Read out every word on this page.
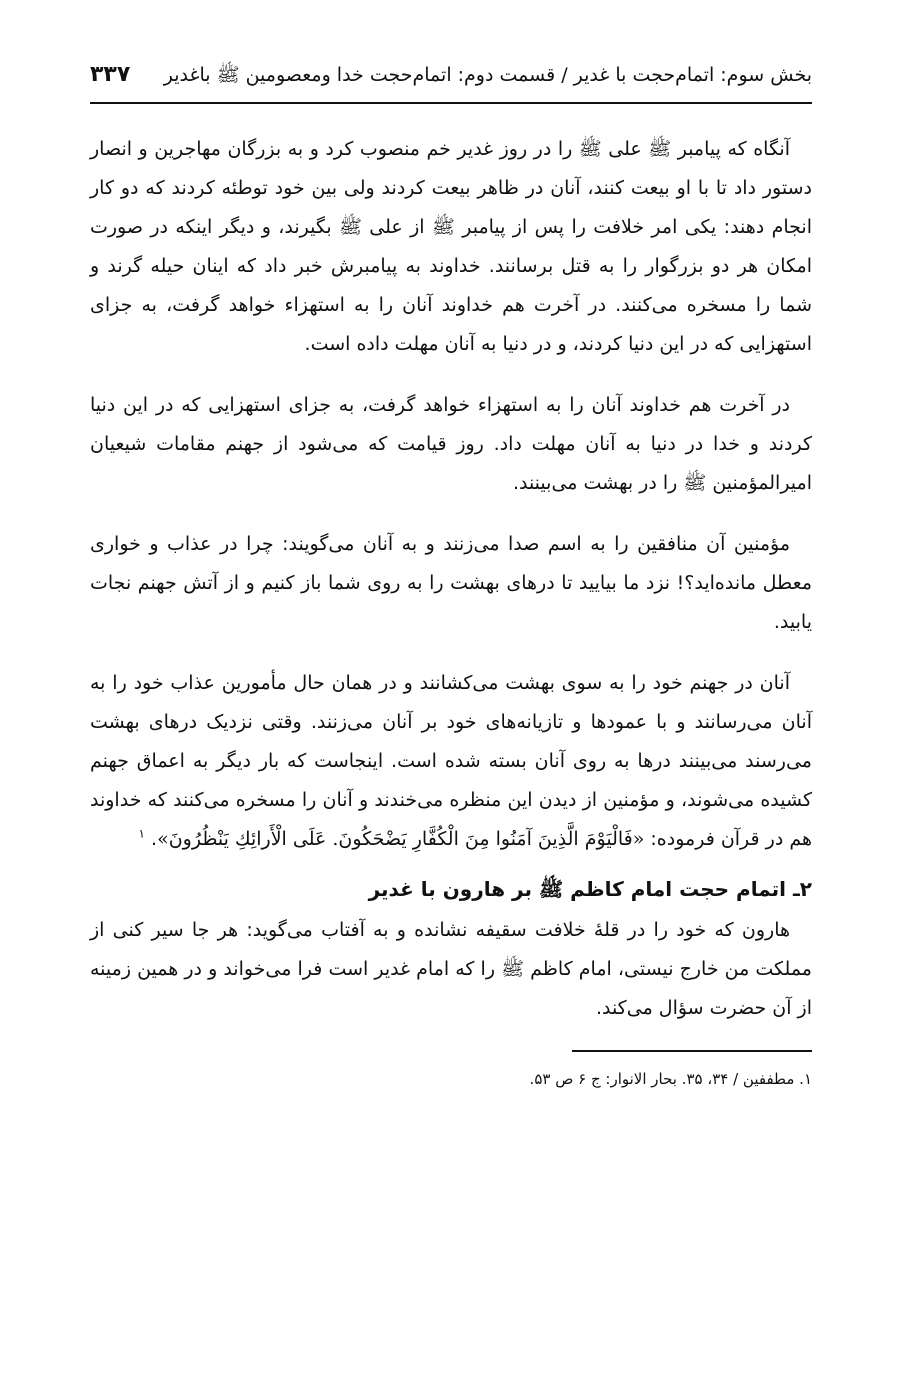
بخش سوم: اتمام‌حجت با غدیر / قسمت دوم: اتمام‌حجت خدا ومعصومین ﷺ باغدیر
۳۳۷

آنگاه که پیامبر ﷺ علی ﷺ را در روز غدیر خم منصوب کرد و به بزرگان مهاجرین و انصار دستور داد تا با او بیعت کنند، آنان در ظاهر بیعت کردند ولی بین خود توطئه کردند که دو کار انجام دهند: یکی امر خلافت را پس از پیامبر ﷺ از علی ﷺ بگیرند، و دیگر اینکه در صورت امکان هر دو بزرگوار را به قتل برسانند. خداوند به پیامبرش خبر داد که اینان حیله گرند و شما را مسخره می‌کنند. در آخرت هم خداوند آنان را به استهزاء خواهد گرفت، به جزای استهزایی که در این دنیا کردند، و در دنیا به آنان مهلت داده است.

در آخرت هم خداوند آنان را به استهزاء خواهد گرفت، به جزای استهزایی که در این دنیا کردند و خدا در دنیا به آنان مهلت داد. روز قیامت که می‌شود از جهنم مقامات شیعیان امیرالمؤمنین ﷺ را در بهشت می‌بینند.

مؤمنین آن منافقین را به اسم صدا می‌زنند و به آنان می‌گویند: چرا در عذاب و خواری معطل مانده‌اید؟! نزد ما بیایید تا درهای بهشت را به روی شما باز کنیم و از آتش جهنم نجات یابید.

آنان در جهنم خود را به سوی بهشت می‌کشانند و در همان حال مأمورین عذاب خود را به آنان می‌رسانند و با عمودها و تازیانه‌های خود بر آنان می‌زنند. وقتی نزدیک درهای بهشت می‌رسند می‌بینند درها به روی آنان بسته شده است. اینجاست که بار دیگر به اعماق جهنم کشیده می‌شوند، و مؤمنین از دیدن این منظره می‌خندند و آنان را مسخره می‌کنند که خداوند هم در قرآن فرموده: «فَالْيَوْمَ الَّذِينَ آمَنُوا مِنَ الْكُفَّارِ يَضْحَكُونَ. عَلَى الْأَرائِكِ يَنْظُرُونَ». $^۱$

۲ـ اتمام حجت امام کاظم ﷺ بر هارون با غدیر

هارون که خود را در قلهٔ خلافت سقیفه نشانده و به آفتاب می‌گوید: هر جا سیر کنی از مملکت من خارج نیستی، امام کاظم ﷺ را که امام غدیر است فرا می‌خواند و در همین زمینه از آن حضرت سؤال می‌کند.

۱. مطففین / ۳۴، ۳۵. بحار الانوار: ج ۶ ص ۵۳.
